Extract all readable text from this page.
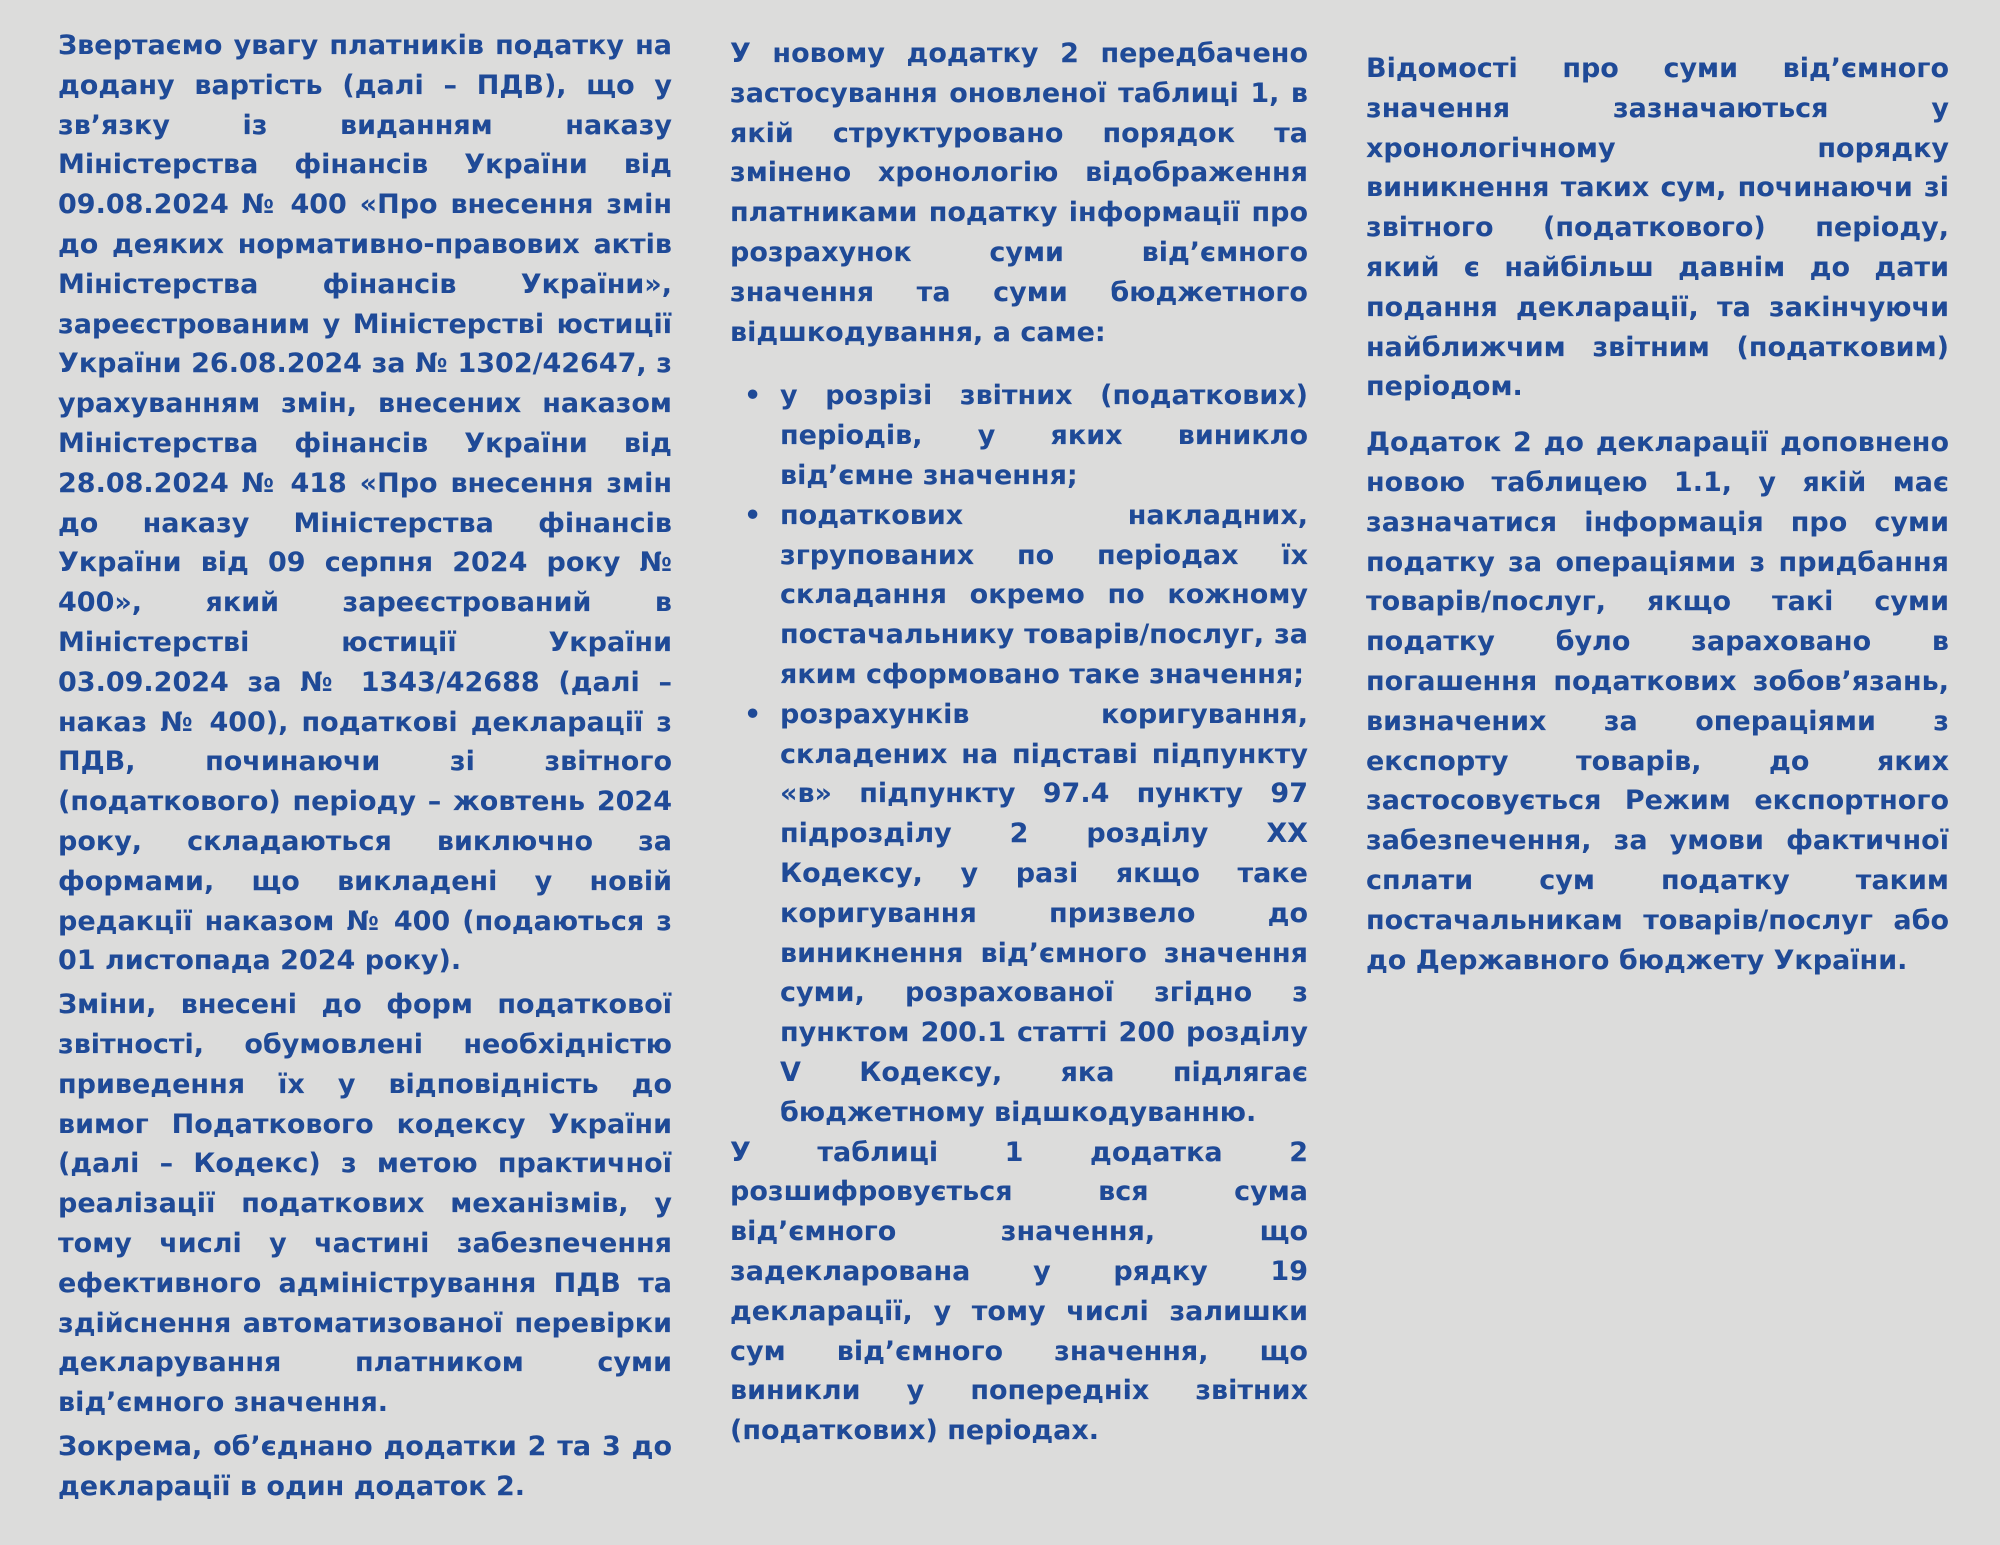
Звертаємо увагу платників податку на додану вартість (далі – ПДВ), що у зв’язку із виданням наказу Міністерства фінансів України від 09.08.2024 № 400 «Про внесення змін до деяких нормативно-правових актів Міністерства фінансів України», зареєстрованим у Міністерстві юстиції України 26.08.2024 за № 1302/42647, з урахуванням змін, внесених наказом Міністерства фінансів України від 28.08.2024 № 418 «Про внесення змін до наказу Міністерства фінансів України від 09 серпня 2024 року № 400», який зареєстрований в Міністерстві юстиції України 03.09.2024 за № 1343/42688 (далі – наказ № 400), податкові декларації з ПДВ, починаючи зі звітного (податкового) періоду – жовтень 2024 року, складаються виключно за формами, що викладені у новій редакції наказом № 400 (подаються з 01 листопада 2024 року).

Зміни, внесені до форм податкової звітності, обумовлені необхідністю приведення їх у відповідність до вимог Податкового кодексу України (далі – Кодекс) з метою практичної реалізації податкових механізмів, у тому числі у частині забезпечення ефективного адміністрування ПДВ та здійснення автоматизованої перевірки декларування платником суми від’ємного значення.

Зокрема, об’єднано додатки 2 та 3 до декларації в один додаток 2.

У новому додатку 2 передбачено застосування оновленої таблиці 1, в якій структуровано порядок та змінено хронологію відображення платниками податку інформації про розрахунок суми від’ємного значення та суми бюджетного відшкодування, а саме:

• у розрізі звітних (податкових) періодів, у яких виникло від’ємне значення;
• податкових накладних, згрупованих по періодах їх складання окремо по кожному постачальнику товарів/послуг, за яким сформовано таке значення;
• розрахунків коригування, складених на підставі підпункту «в» підпункту 97.4 пункту 97 підрозділу 2 розділу XX Кодексу, у разі якщо таке коригування призвело до виникнення від’ємного значення суми, розрахованої згідно з пунктом 200.1 статті 200 розділу V Кодексу, яка підлягає бюджетному відшкодуванню.

У таблиці 1 додатка 2 розшифровується вся сума від’ємного значення, що задекларована у рядку 19 декларації, у тому числі залишки сум від’ємного значення, що виникли у попередніх звітних (податкових) періодах.

Відомості про суми від’ємного значення зазначаються у хронологічному порядку виникнення таких сум, починаючи зі звітного (податкового) періоду, який є найбільш давнім до дати подання декларації, та закінчуючи найближчим звітним (податковим) періодом.

Додаток 2 до декларації доповнено новою таблицею 1.1, у якій має зазначатися інформація про суми податку за операціями з придбання товарів/послуг, якщо такі суми податку було зараховано в погашення податкових зобов’язань, визначених за операціями з експорту товарів, до яких застосовується Режим експортного забезпечення, за умови фактичної сплати сум податку таким постачальникам товарів/послуг або до Державного бюджету України.
